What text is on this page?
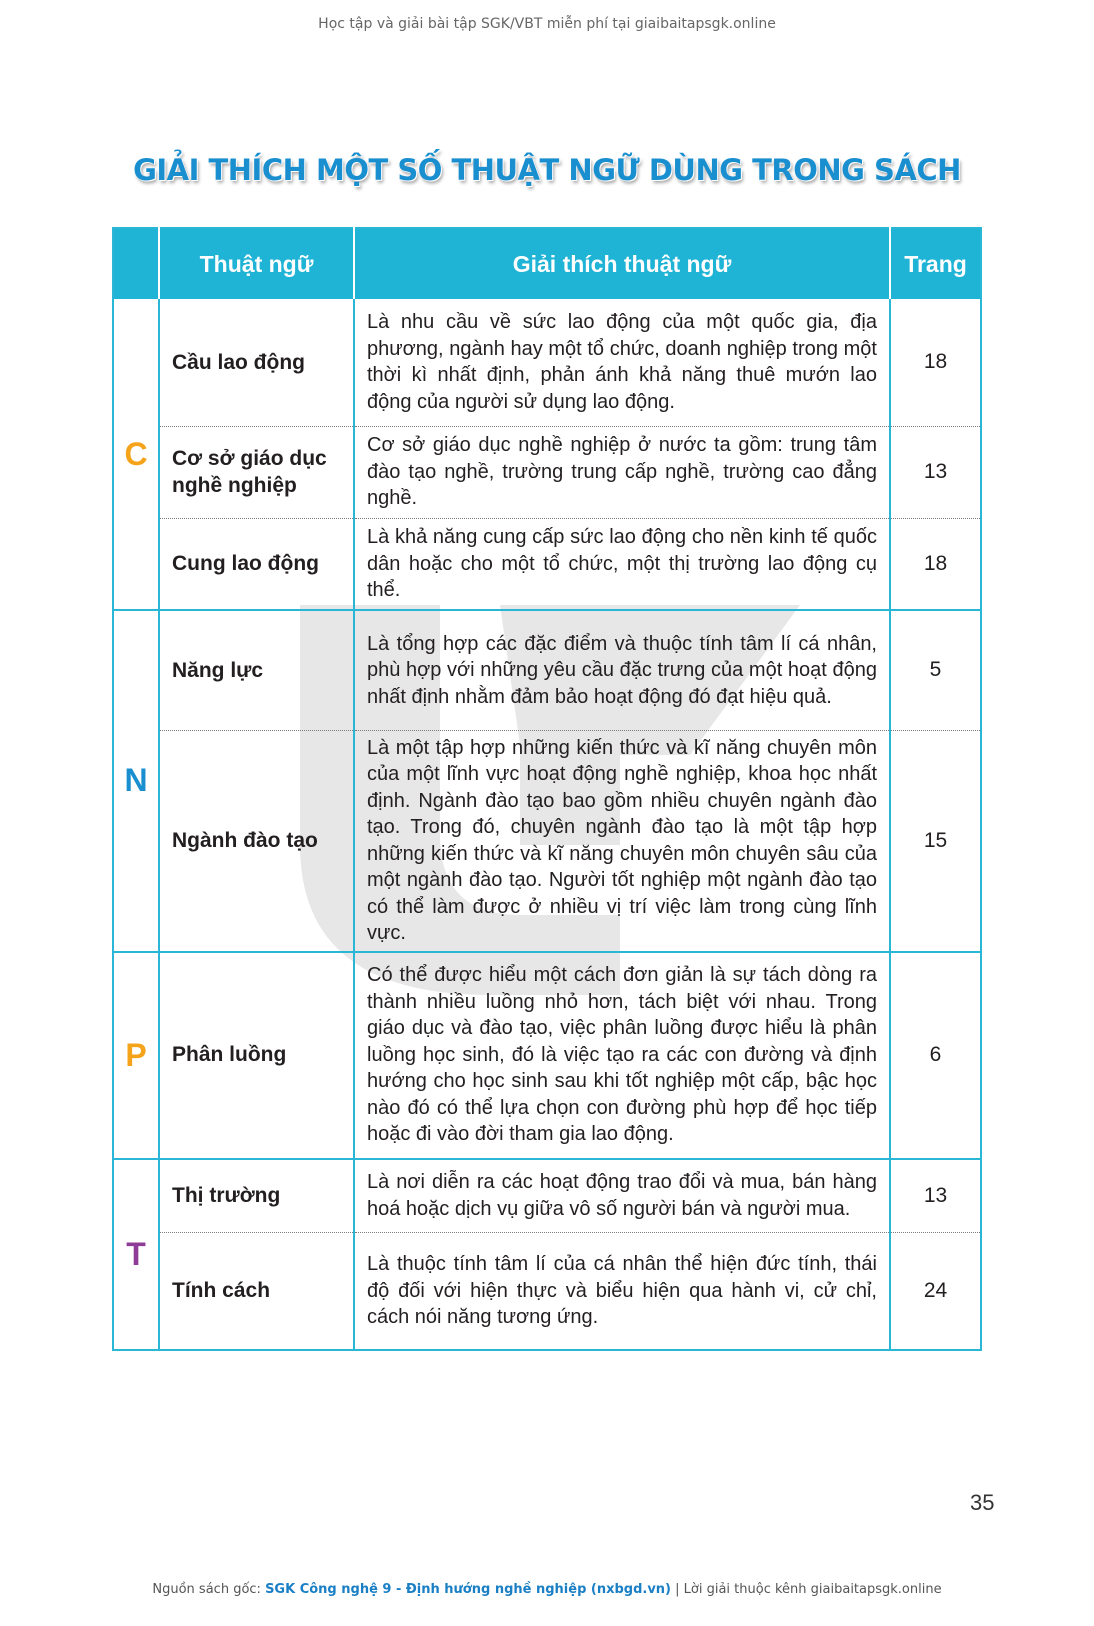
Học tập và giải bài tập SGK/VBT miễn phí tại giaibaitapsgk.online
GIẢI THÍCH MỘT SỐ THUẬT NGỮ DÙNG TRONG SÁCH
	Thuật ngữ	Giải thích thuật ngữ	Trang
C	Cầu lao động	Là nhu cầu về sức lao động của một quốc gia, địa phương, ngành hay một tổ chức, doanh nghiệp trong một thời kì nhất định, phản ánh khả năng thuê mướn lao động của người sử dụng lao động.	18
	Cơ sở giáo dục nghề nghiệp	Cơ sở giáo dục nghề nghiệp ở nước ta gồm: trung tâm đào tạo nghề, trường trung cấp nghề, trường cao đẳng nghề.	13
	Cung lao động	Là khả năng cung cấp sức lao động cho nền kinh tế quốc dân hoặc cho một tổ chức, một thị trường lao động cụ thể.	18
N	Năng lực	Là tổng hợp các đặc điểm và thuộc tính tâm lí cá nhân, phù hợp với những yêu cầu đặc trưng của một hoạt động nhất định nhằm đảm bảo hoạt động đó đạt hiệu quả.	5
	Ngành đào tạo	Là một tập hợp những kiến thức và kĩ năng chuyên môn của một lĩnh vực hoạt động nghề nghiệp, khoa học nhất định. Ngành đào tạo bao gồm nhiều chuyên ngành đào tạo. Trong đó, chuyên ngành đào tạo là một tập hợp những kiến thức và kĩ năng chuyên môn chuyên sâu của một ngành đào tạo. Người tốt nghiệp một ngành đào tạo có thể làm được ở nhiều vị trí việc làm trong cùng lĩnh vực.	15
P	Phân luồng	Có thể được hiểu một cách đơn giản là sự tách dòng ra thành nhiều luồng nhỏ hơn, tách biệt với nhau. Trong giáo dục và đào tạo, việc phân luồng được hiểu là phân luồng học sinh, đó là việc tạo ra các con đường và định hướng cho học sinh sau khi tốt nghiệp một cấp, bậc học nào đó có thể lựa chọn con đường phù hợp để học tiếp hoặc đi vào đời tham gia lao động.	6
T	Thị trường	Là nơi diễn ra các hoạt động trao đổi và mua, bán hàng hoá hoặc dịch vụ giữa vô số người bán và người mua.	13
	Tính cách	Là thuộc tính tâm lí của cá nhân thể hiện đức tính, thái độ đối với hiện thực và biểu hiện qua hành vi, cử chỉ, cách nói năng tương ứng.	24
35
Nguồn sách gốc: SGK Công nghệ 9 - Định hướng nghề nghiệp (nxbgd.vn) | Lời giải thuộc kênh giaibaitapsgk.online
